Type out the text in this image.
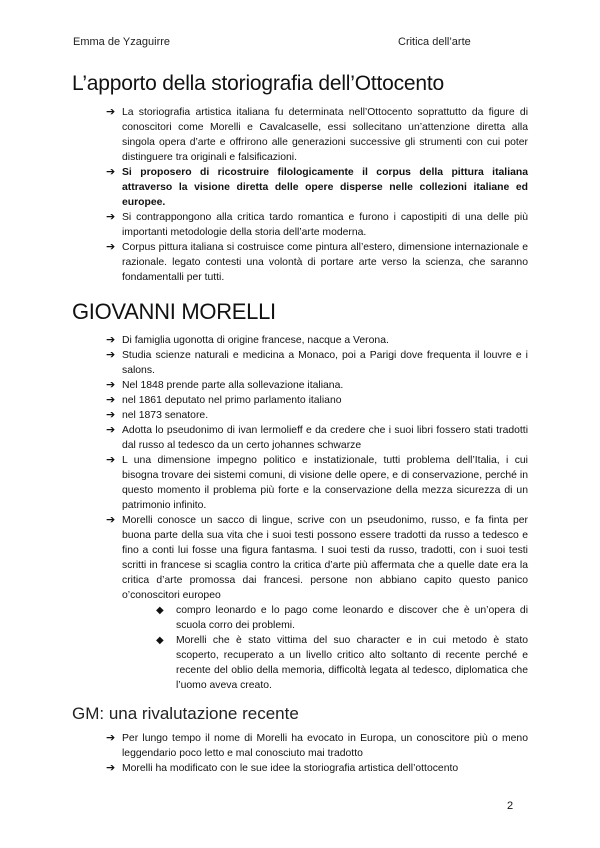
Emma de Yzaguirre	Critica dell’arte
L’apporto della storiografia dell’Ottocento
➔ La storiografia artistica italiana fu determinata nell’Ottocento soprattutto da figure di conoscitori come Morelli e Cavalcaselle, essi sollecitano un’attenzione diretta alla singola opera d’arte e offrirono alle generazioni successive gli strumenti con cui poter distinguere tra originali e falsificazioni.
➔ Si proposero di ricostruire filologicamente il corpus della pittura italiana attraverso la visione diretta delle opere disperse nelle collezioni italiane ed europee.
➔ Si contrappongono alla critica tardo romantica e furono i capostipiti di una delle più importanti metodologie della storia dell’arte moderna.
➔ Corpus pittura italiana si costruisce come pintura all’estero, dimensione internazionale e razionale. legato contesti una volontà di portare arte verso la scienza, che saranno fondamentalli per tutti.
GIOVANNI MORELLI
➔ Di famiglia ugonotta di origine francese, nacque a Verona.
➔ Studia scienze naturali e medicina a Monaco, poi a Parigi dove frequenta il louvre e i salons.
➔ Nel 1848 prende parte alla sollevazione italiana.
➔ nel 1861 deputato nel primo parlamento italiano
➔ nel 1873 senatore.
➔ Adotta lo pseudonimo di ivan lermolieff e da credere che i suoi libri fossero stati tradotti dal russo al tedesco da un certo johannes schwarze
➔ L una dimensione impegno politico e instatizionale, tutti problema dell’Italia, i cui bisogna trovare dei sistemi comuni, di visione delle opere, e di conservazione, perché in questo momento il problema più forte e la conservazione della mezza sicurezza di un patrimonio infinito.
➔ Morelli conosce un sacco di lingue, scrive con un pseudonimo, russo, e fa finta per buona parte della sua vita che i suoi testi possono essere tradotti da russo a tedesco e fino a conti lui fosse una figura fantasma. I suoi testi da russo, tradotti, con i suoi testi scritti in francese si scaglia contro la critica d’arte più affermata che a quelle date era la critica d’arte promossa dai francesi. persone non abbiano capito questo panico o’conoscitori europeo
◆ compro leonardo e lo pago come leonardo e discover che è un’opera di scuola corro dei problemi.
◆ Morelli che è stato vittima del suo character e in cui metodo è stato scoperto, recuperato a un livello critico alto soltanto di recente perché e recente del oblio della memoria, difficoltà legata al tedesco, diplomatica che l’uomo aveva creato.
GM: una rivalutazione recente
➔ Per lungo tempo il nome di Morelli ha evocato in Europa, un conoscitore più o meno leggendario poco letto e mal conosciuto mai tradotto
➔ Morelli ha modificato con le sue idee la storiografia artistica dell’ottocento
2
